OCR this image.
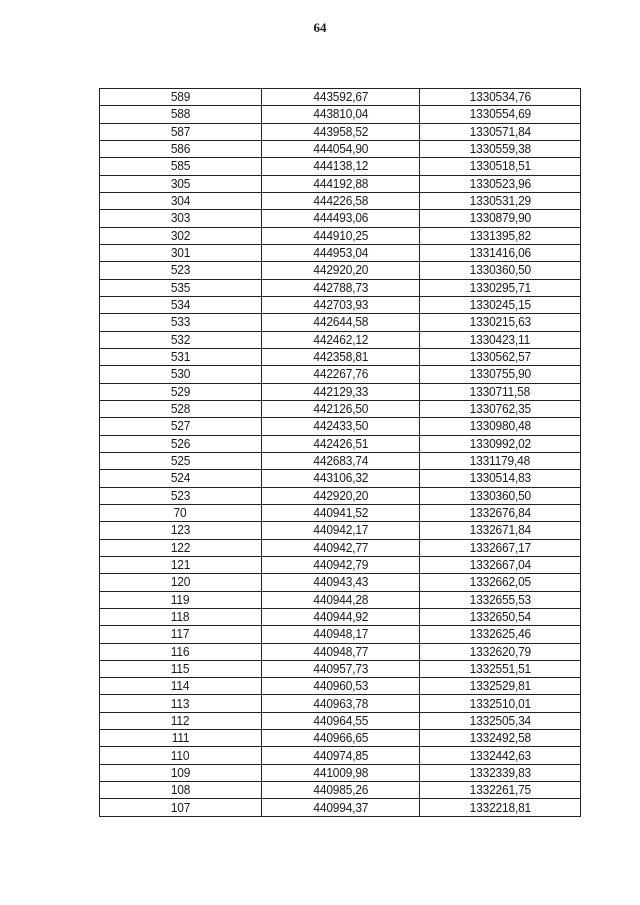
64
589	443592,67	1330534,76
588	443810,04	1330554,69
587	443958,52	1330571,84
586	444054,90	1330559,38
585	444138,12	1330518,51
305	444192,88	1330523,96
304	444226,58	1330531,29
303	444493,06	1330879,90
302	444910,25	1331395,82
301	444953,04	1331416,06
523	442920,20	1330360,50
535	442788,73	1330295,71
534	442703,93	1330245,15
533	442644,58	1330215,63
532	442462,12	1330423,11
531	442358,81	1330562,57
530	442267,76	1330755,90
529	442129,33	1330711,58
528	442126,50	1330762,35
527	442433,50	1330980,48
526	442426,51	1330992,02
525	442683,74	1331179,48
524	443106,32	1330514,83
523	442920,20	1330360,50
70	440941,52	1332676,84
123	440942,17	1332671,84
122	440942,77	1332667,17
121	440942,79	1332667,04
120	440943,43	1332662,05
119	440944,28	1332655,53
118	440944,92	1332650,54
117	440948,17	1332625,46
116	440948,77	1332620,79
115	440957,73	1332551,51
114	440960,53	1332529,81
113	440963,78	1332510,01
112	440964,55	1332505,34
111	440966,65	1332492,58
110	440974,85	1332442,63
109	441009,98	1332339,83
108	440985,26	1332261,75
107	440994,37	1332218,81
